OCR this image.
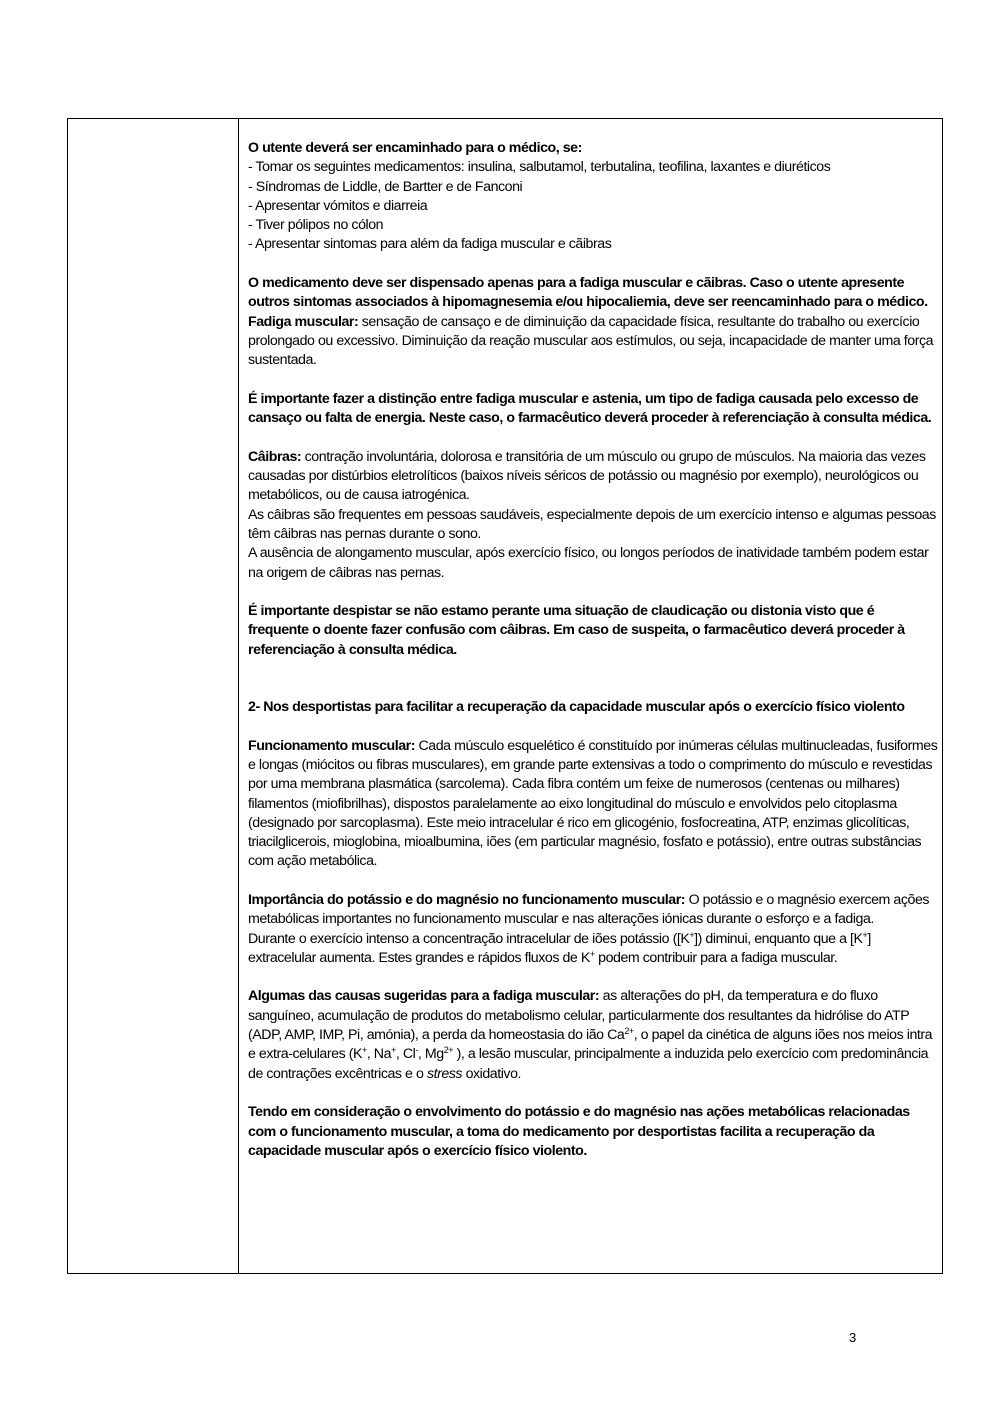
O utente deverá ser encaminhado para o médico, se:

- Tomar os seguintes medicamentos: insulina, salbutamol, terbutalina, teofilina, laxantes e diuréticos

- Síndromas de Liddle, de Bartter e de Fanconi

- Apresentar vómitos e diarreia

- Tiver pólipos no cólon

- Apresentar sintomas para além da fadiga muscular e cãibras

O medicamento deve ser dispensado apenas para a fadiga muscular e cãibras. Caso o utente apresente outros sintomas associados à hipomagnesemia e/ou hipocaliemia, deve ser reencaminhado para o médico.

Fadiga muscular: sensação de cansaço e de diminuição da capacidade física, resultante do trabalho ou exercício prolongado ou excessivo. Diminuição da reação muscular aos estímulos, ou seja, incapacidade de manter uma força sustentada.

É importante fazer a distinção entre fadiga muscular e astenia, um tipo de fadiga causada pelo excesso de cansaço ou falta de energia. Neste caso, o farmacêutico deverá proceder à referenciação à consulta médica.

Câibras: contração involuntária, dolorosa e transitória de um músculo ou grupo de músculos. Na maioria das vezes causadas por distúrbios eletrolíticos (baixos níveis séricos de potássio ou magnésio por exemplo), neurológicos ou metabólicos, ou de causa iatrogénica.

As câibras são frequentes em pessoas saudáveis, especialmente depois de um exercício intenso e algumas pessoas têm câibras nas pernas durante o sono.

A ausência de alongamento muscular, após exercício físico, ou longos períodos de inatividade também podem estar na origem de câibras nas pernas.

É importante despistar se não estamo perante uma situação de claudicação ou distonia visto que é frequente o doente fazer confusão com câibras. Em caso de suspeita, o farmacêutico deverá proceder à referenciação à consulta médica.

2- Nos desportistas para facilitar a recuperação da capacidade muscular após o exercício físico violento

Funcionamento muscular: Cada músculo esquelético é constituído por inúmeras células multinucleadas, fusiformes e longas (miócitos ou fibras musculares), em grande parte extensivas a todo o comprimento do músculo e revestidas por uma membrana plasmática (sarcolema). Cada fibra contém um feixe de numerosos (centenas ou milhares) filamentos (miofibrilhas), dispostos paralelamente ao eixo longitudinal do músculo e envolvidos pelo citoplasma (designado por sarcoplasma). Este meio intracelular é rico em glicogénio, fosfocreatina, ATP, enzimas glicolíticas, triacilglicerois, mioglobina, mioalbumina, iões (em particular magnésio, fosfato e potássio), entre outras substâncias com ação metabólica.

Importância do potássio e do magnésio no funcionamento muscular: O potássio e o magnésio exercem ações metabólicas importantes no funcionamento muscular e nas alterações iónicas durante o esforço e a fadiga.

Durante o exercício intenso a concentração intracelular de iões potássio ([K+]) diminui, enquanto que a [K+] extracelular aumenta. Estes grandes e rápidos fluxos de K+ podem contribuir para a fadiga muscular.

Algumas das causas sugeridas para a fadiga muscular: as alterações do pH, da temperatura e do fluxo sanguíneo, acumulação de produtos do metabolismo celular, particularmente dos resultantes da hidrólise do ATP (ADP, AMP, IMP, Pi, amónia), a perda da homeostasia do ião $Ca^{2+}$, o papel da cinética de alguns iões nos meios intra e extra-celulares (K+, Na+, Cl-, $Mg^{2+}$ ), a lesão muscular, principalmente a induzida pelo exercício com predominância de contrações excêntricas e o stress oxidativo.

Tendo em consideração o envolvimento do potássio e do magnésio nas ações metabólicas relacionadas com o funcionamento muscular, a toma do medicamento por desportistas facilita a recuperação da capacidade muscular após o exercício físico violento.

3
